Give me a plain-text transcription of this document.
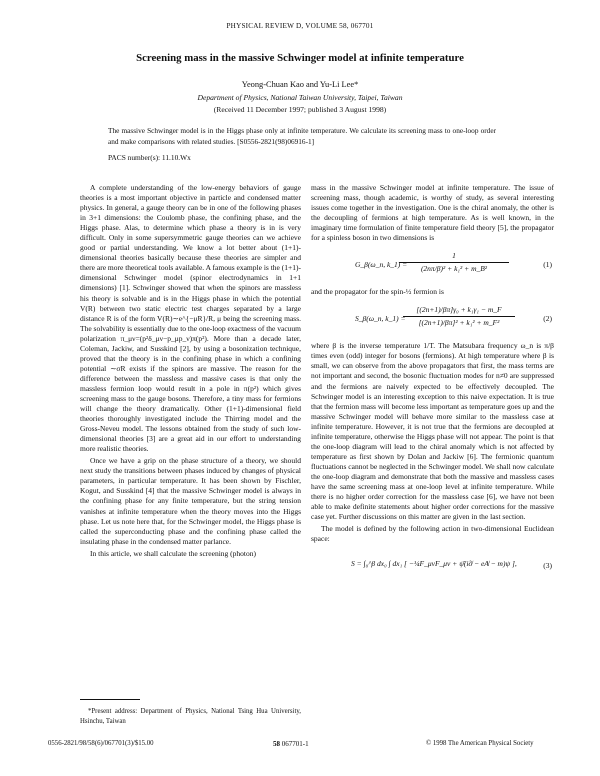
PHYSICAL REVIEW D, VOLUME 58, 067701
Screening mass in the massive Schwinger model at infinite temperature
Yeong-Chuan Kao and Yu-Li Lee*
Department of Physics, National Taiwan University, Taipei, Taiwan
(Received 11 December 1997; published 3 August 1998)
The massive Schwinger model is in the Higgs phase only at infinite temperature. We calculate its screening mass to one-loop order and make comparisons with related studies. [S0556-2821(98)06916-1]
PACS number(s): 11.10.Wx

A complete understanding of the low-energy behaviors of gauge theories is a most important objective in particle and condensed matter physics. In general, a gauge theory can be in one of the following phases in 3+1 dimensions: the Coulomb phase, the confining phase, and the Higgs phase. Alas, to determine which phase a theory is in is very difficult. Only in some supersymmetric gauge theories can we achieve good or partial understanding. We know a lot better about (1+1)-dimensional theories basically because these theories are simpler and there are more theoretical tools available. A famous example is the (1+1)-dimensional Schwinger model (spinor electrodynamics in 1+1 dimensions) [1]. Schwinger showed that when the spinors are massless his theory is solvable and is in the Higgs phase in which the potential V(R) between two static electric test charges separated by a large distance R is of the form V(R)∼e^{−μR}/R, μ being the screening mass. The solvability is essentially due to the one-loop exactness of the vacuum polarization π_μν=(p²δ_μν−p_μp_ν)π(p²). More than a decade later, Coleman, Jackiw, and Susskind [2], by using a bosonization technique, proved that the theory is in the confining phase in which a confining potential ∼σR exists if the spinors are massive. The reason for the difference between the massless and massive cases is that only the massless fermion loop would result in a pole in π(p²) which gives screening mass to the gauge bosons. Therefore, a tiny mass for fermions will change the theory dramatically. Other (1+1)-dimensional field theories thoroughly investigated include the Thirring model and the Gross-Neveu model. The lessons obtained from the study of such low-dimensional theories [3] are a great aid in our effort to understanding more realistic theories.

Once we have a grip on the phase structure of a theory, we should next study the transitions between phases induced by changes of physical parameters, in particular temperature. It has been shown by Fischler, Kogut, and Susskind [4] that the massive Schwinger model is always in the confining phase for any finite temperature, but the string tension vanishes at infinite temperature when the theory moves into the Higgs phase. Let us note here that, for the Schwinger model, the Higgs phase is called the superconducting phase and the confining phase called the insulating phase in the condensed matter parlance.

In this article, we shall calculate the screening (photon)

mass in the massive Schwinger model at infinite temperature. The issue of screening mass, though academic, is worthy of study, as several interesting issues come together in the investigation. One is the chiral anomaly, the other is the decoupling of fermions at high temperature. As is well known, in the imaginary time formulation of finite temperature field theory [5], the propagator for a spinless boson in two dimensions is

G_β(ω_n, k_1) =
$\frac{1}{\text{(2nπ/β)² + k₁² + m\_B²}}$	(1)

and the propagator for the spin-½ fermion is

S_β(ω_n, k_1) =
$\frac{\text{[(2n+1)/βπ]γ₀ + k₁γ₁ − m\_F}}{\text{[(2n+1)/βπ]² + k₁² + m\_F²}}$	(2)

where β is the inverse temperature 1/T. The Matsubara frequency ω_n is π/β times even (odd) integer for bosons (fermions). At high temperature where β is small, we can observe from the above propagators that first, the mass terms are not important and second, the bosonic fluctuation modes for n≠0 are suppressed and the fermions are naively expected to be effectively decoupled. The Schwinger model is an interesting exception to this naive expectation. It is true that the fermion mass will become less important as temperature goes up and the massive Schwinger model will behave more similar to the massless case at infinite temperature. However, it is not true that the fermions are decoupled at infinite temperature, otherwise the Higgs phase will not appear. The point is that the one-loop diagram will lead to the chiral anomaly which is not affected by temperature as first shown by Dolan and Jackiw [6]. The fermionic quantum fluctuations cannot be neglected in the Schwinger model. We shall now calculate the one-loop diagram and demonstrate that both the massive and massless cases have the same screening mass at one-loop level at infinite temperature. While there is no higher order correction for the massless case [6], we have not been able to make definite statements about higher order corrections for the massive case yet. Further discussions on this matter are given in the last section.

The model is defined by the following action in two-dimensional Euclidean space:

S = ∫₀^β dx₀ ∫ dx₁ [ −¼F_μνF_μν + ψ̄(i∂̸ − eA̸ − m)ψ ],	(3)
*Present address: Department of Physics, National Tsing Hua University, Hsinchu, Taiwan
0556-2821/98/58(6)/067701(3)/$15.00	58 067701-1	© 1998 The American Physical Society
